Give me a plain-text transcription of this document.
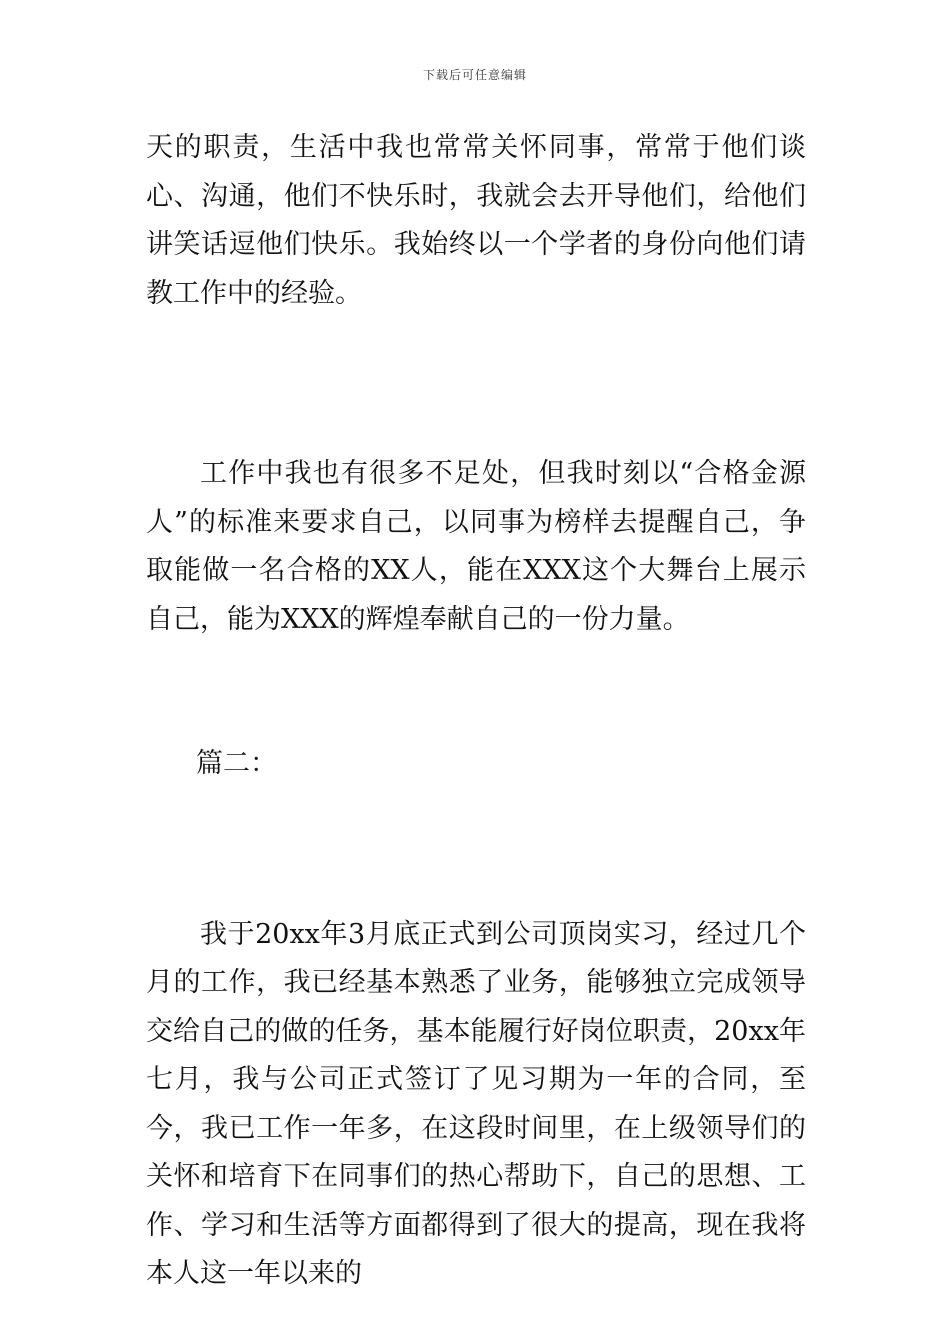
下载后可任意编辑

天的职责，生活中我也常常关怀同事，常常于他们谈心、沟通，他们不快乐时，我就会去开导他们，给他们讲笑话逗他们快乐。我始终以一个学者的身份向他们请教工作中的经验。

工作中我也有很多不足处，但我时刻以“合格金源人”的标准来要求自己，以同事为榜样去提醒自己，争取能做一名合格的XX人，能在XXX这个大舞台上展示自己，能为XXX的辉煌奉献自己的一份力量。

篇二：

我于20xx年3月底正式到公司顶岗实习，经过几个月的工作，我已经基本熟悉了业务，能够独立完成领导交给自己的做的任务，基本能履行好岗位职责，20xx年七月，我与公司正式签订了见习期为一年的合同，至今，我已工作一年多，在这段时间里，在上级领导们的关怀和培育下在同事们的热心帮助下，自己的思想、工作、学习和生活等方面都得到了很大的提高，现在我将本人这一年以来的
